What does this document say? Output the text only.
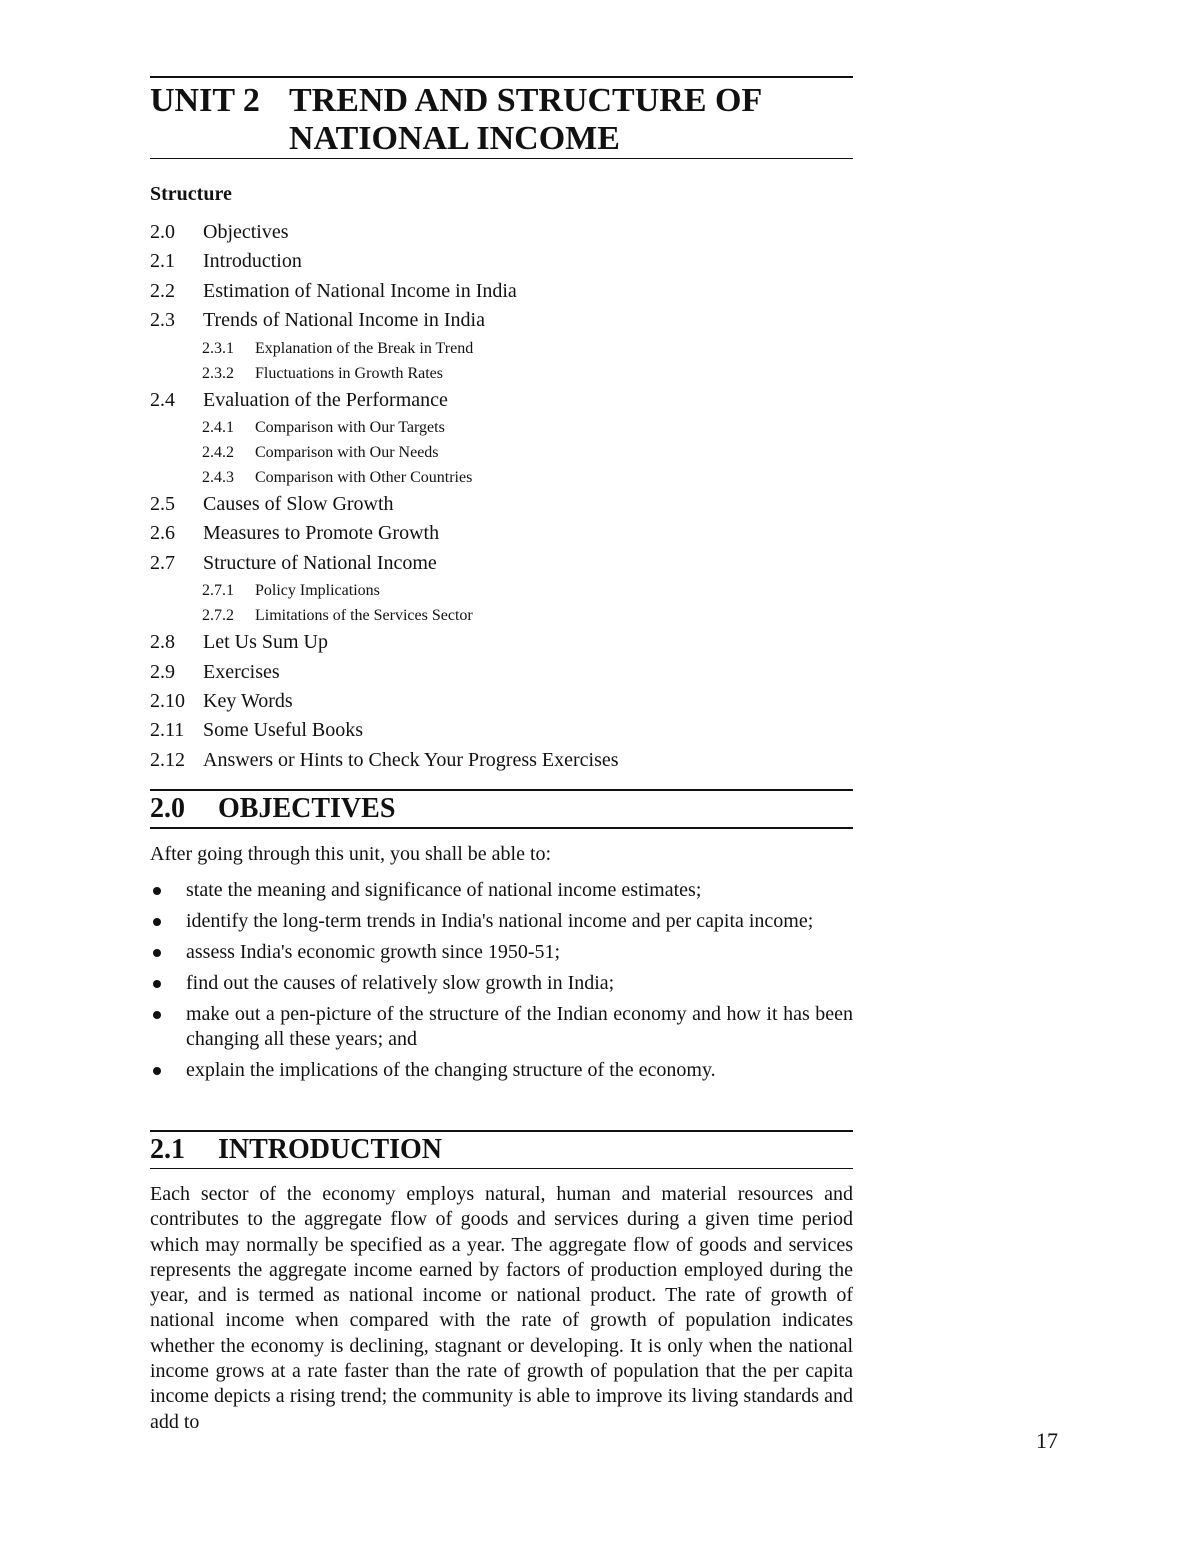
UNIT 2 TREND AND STRUCTURE OF
NATIONAL INCOME
Structure
2.0 Objectives
2.1 Introduction
2.2 Estimation of National Income in India
2.3 Trends of National Income in India
2.3.1 Explanation of the Break in Trend
2.3.2 Fluctuations in Growth Rates
2.4 Evaluation of the Performance
2.4.1 Comparison with Our Targets
2.4.2 Comparison with Our Needs
2.4.3 Comparison with Other Countries
2.5 Causes of Slow Growth
2.6 Measures to Promote Growth
2.7 Structure of National Income
2.7.1 Policy Implications
2.7.2 Limitations of the Services Sector
2.8 Let Us Sum Up
2.9 Exercises
2.10 Key Words
2.11 Some Useful Books
2.12 Answers or Hints to Check Your Progress Exercises
2.0 OBJECTIVES
After going through this unit, you shall be able to:
state the meaning and significance of national income estimates;
identify the long-term trends in India's national income and per capita income;
assess India's economic growth since 1950-51;
find out the causes of relatively slow growth in India;
make out a pen-picture of the structure of the Indian economy and how it has been changing all these years; and
explain the implications of the changing structure of the economy.
2.1 INTRODUCTION
Each sector of the economy employs natural, human and material resources and contributes to the aggregate flow of goods and services during a given time period which may normally be specified as a year. The aggregate flow of goods and services represents the aggregate income earned by factors of production employed during the year, and is termed as national income or national product. The rate of growth of national income when compared with the rate of growth of population indicates whether the economy is declining, stagnant or developing. It is only when the national income grows at a rate faster than the rate of growth of population that the per capita income depicts a rising trend; the community is able to improve its living standards and add to
17
